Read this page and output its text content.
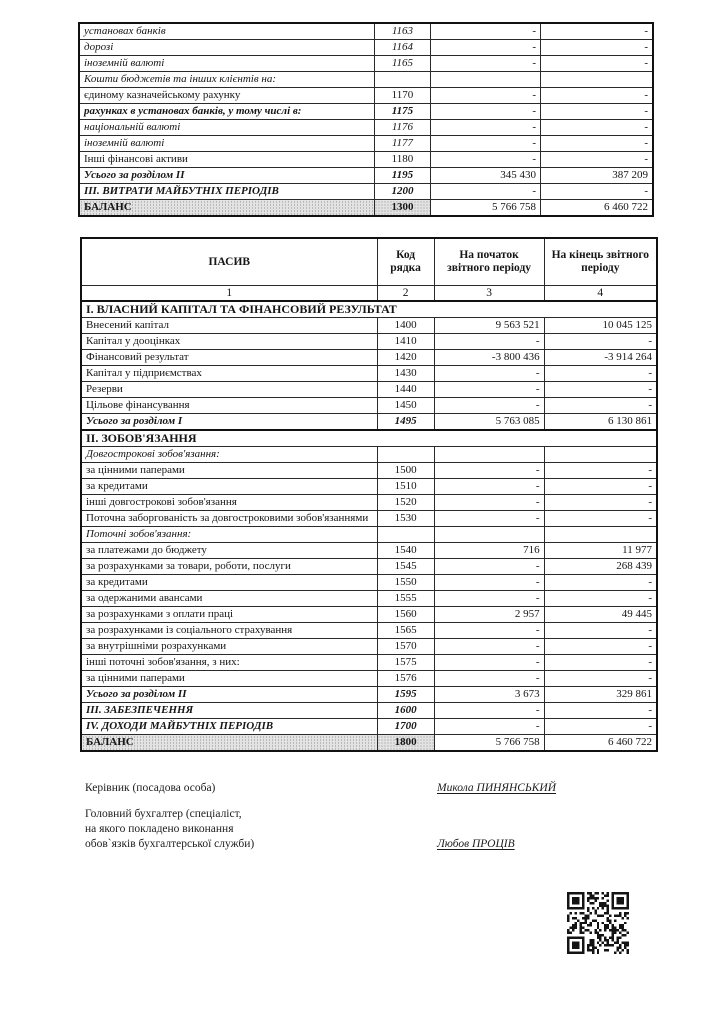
установах банків	1163	-	-
дорозі	1164	-	-
іноземній валюті	1165	-	-
Кошти бюджетів та інших клієнтів на:			
єдиному казначейському рахунку	1170	-	-
рахунках в установах банків, у тому числі в:	1175	-	-
національній валюті	1176	-	-
іноземній валюті	1177	-	-
Інші фінансові активи	1180	-	-
Усього за розділом II	1195	345 430	387 209
III. ВИТРАТИ МАЙБУТНІХ ПЕРІОДІВ	1200	-	-
БАЛАНС	1300	5 766 758	6 460 722
ПАСИВ	Код рядка	На початок звітного періоду	На кінець звітного періоду
1	2	3	4
I. ВЛАСНИЙ КАПІТАЛ ТА ФІНАНСОВИЙ РЕЗУЛЬТАТ			
Внесений капітал	1400	9 563 521	10 045 125
Капітал у дооцінках	1410	-	-
Фінансовий результат	1420	-3 800 436	-3 914 264
Капітал у підприємствах	1430	-	-
Резерви	1440	-	-
Цільове фінансування	1450	-	-
Усього за розділом I	1495	5 763 085	6 130 861
II. ЗОБОВ'ЯЗАННЯ			
Довгострокові зобов'язання:			
за цінними паперами	1500	-	-
за кредитами	1510	-	-
інші довгострокові зобов'язання	1520	-	-
Поточна заборгованість за довгостроковими зобов'язаннями	1530	-	-
Поточні зобов'язання:			
за платежами до бюджету	1540	716	11 977
за розрахунками за товари, роботи, послуги	1545	-	268 439
за кредитами	1550	-	-
за одержаними авансами	1555	-	-
за розрахунками з оплати праці	1560	2 957	49 445
за розрахунками із соціального страхування	1565	-	-
за внутрішніми розрахунками	1570	-	-
інші поточні зобов'язання, з них:	1575	-	-
за цінними паперами	1576	-	-
Усього за розділом II	1595	3 673	329 861
III. ЗАБЕЗПЕЧЕННЯ	1600	-	-
IV. ДОХОДИ МАЙБУТНІХ ПЕРІОДІВ	1700	-	-
БАЛАНС	1800	5 766 758	6 460 722
Керівник (посадова особа)	Микола ПИНЯНСЬКИЙ
Головний бухгалтер (спеціаліст,
на якого покладено виконання
обов`язків бухгалтерської служби)	Любов ПРОЦІВ
